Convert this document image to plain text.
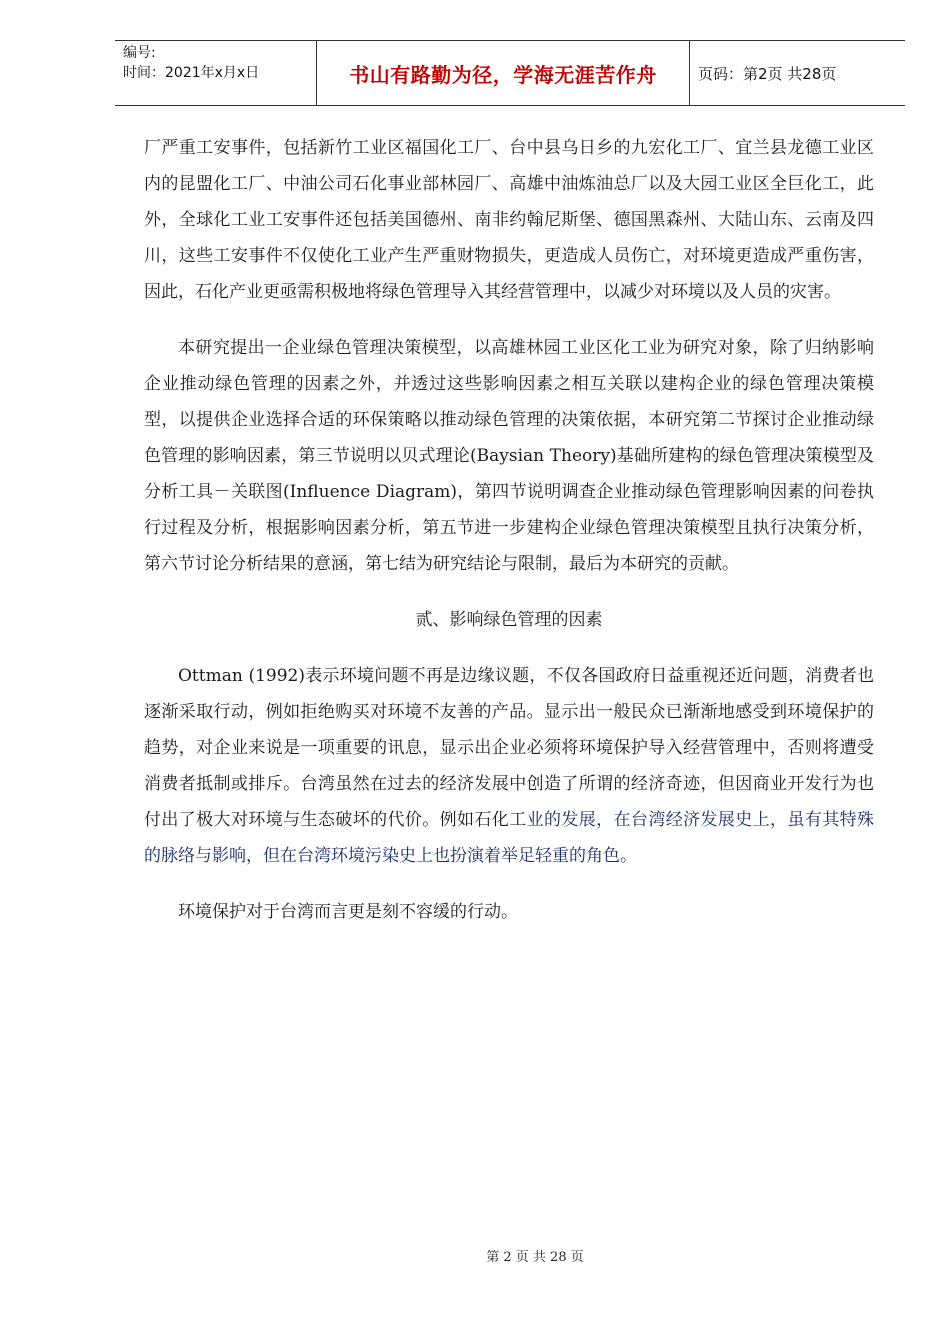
编号:
时间：2021年x月x日	书山有路勤为径，学海无涯苦作舟	页码：第2页 共28页

厂严重工安事件，包括新竹工业区福国化工厂、台中县乌日乡的九宏化工厂、宜兰县龙德工业区内的昆盟化工厂、中油公司石化事业部林园厂、高雄中油炼油总厂以及大园工业区全巨化工，此外，全球化工业工安事件还包括美国德州、南非约翰尼斯堡、德国黑森州、大陆山东、云南及四川，这些工安事件不仅使化工业产生严重财物损失，更造成人员伤亡，对环境更造成严重伤害，因此，石化产业更亟需积极地将绿色管理导入其经营管理中，以减少对环境以及人员的灾害。

本研究提出一企业绿色管理决策模型，以高雄林园工业区化工业为研究对象，除了归纳影响企业推动绿色管理的因素之外，并透过这些影响因素之相互关联以建构企业的绿色管理决策模型，以提供企业选择合适的环保策略以推动绿色管理的决策依据，本研究第二节探讨企业推动绿色管理的影响因素，第三节说明以贝式理论(Baysian Theory)基础所建构的绿色管理决策模型及分析工具－关联图(Influence Diagram)，第四节说明调查企业推动绿色管理影响因素的问卷执行过程及分析，根据影响因素分析，第五节进一步建构企业绿色管理决策模型且执行决策分析，第六节讨论分析结果的意涵，第七结为研究结论与限制，最后为本研究的贡献。

贰、影响绿色管理的因素

Ottman (1992)表示环境问题不再是边缘议题，不仅各国政府日益重视还近问题，消费者也逐渐采取行动，例如拒绝购买对环境不友善的产品。显示出一般民众已渐渐地感受到环境保护的趋势，对企业来说是一项重要的讯息，显示出企业必须将环境保护导入经营管理中，否则将遭受消费者抵制或排斥。台湾虽然在过去的经济发展中创造了所谓的经济奇迹，但因商业开发行为也付出了极大对环境与生态破坏的代价。例如石化工业的发展，在台湾经济发展史上，虽有其特殊的脉络与影响，但在台湾环境污染史上也扮演着举足轻重的角色。

环境保护对于台湾而言更是刻不容缓的行动。

第 2 页 共 28 页
